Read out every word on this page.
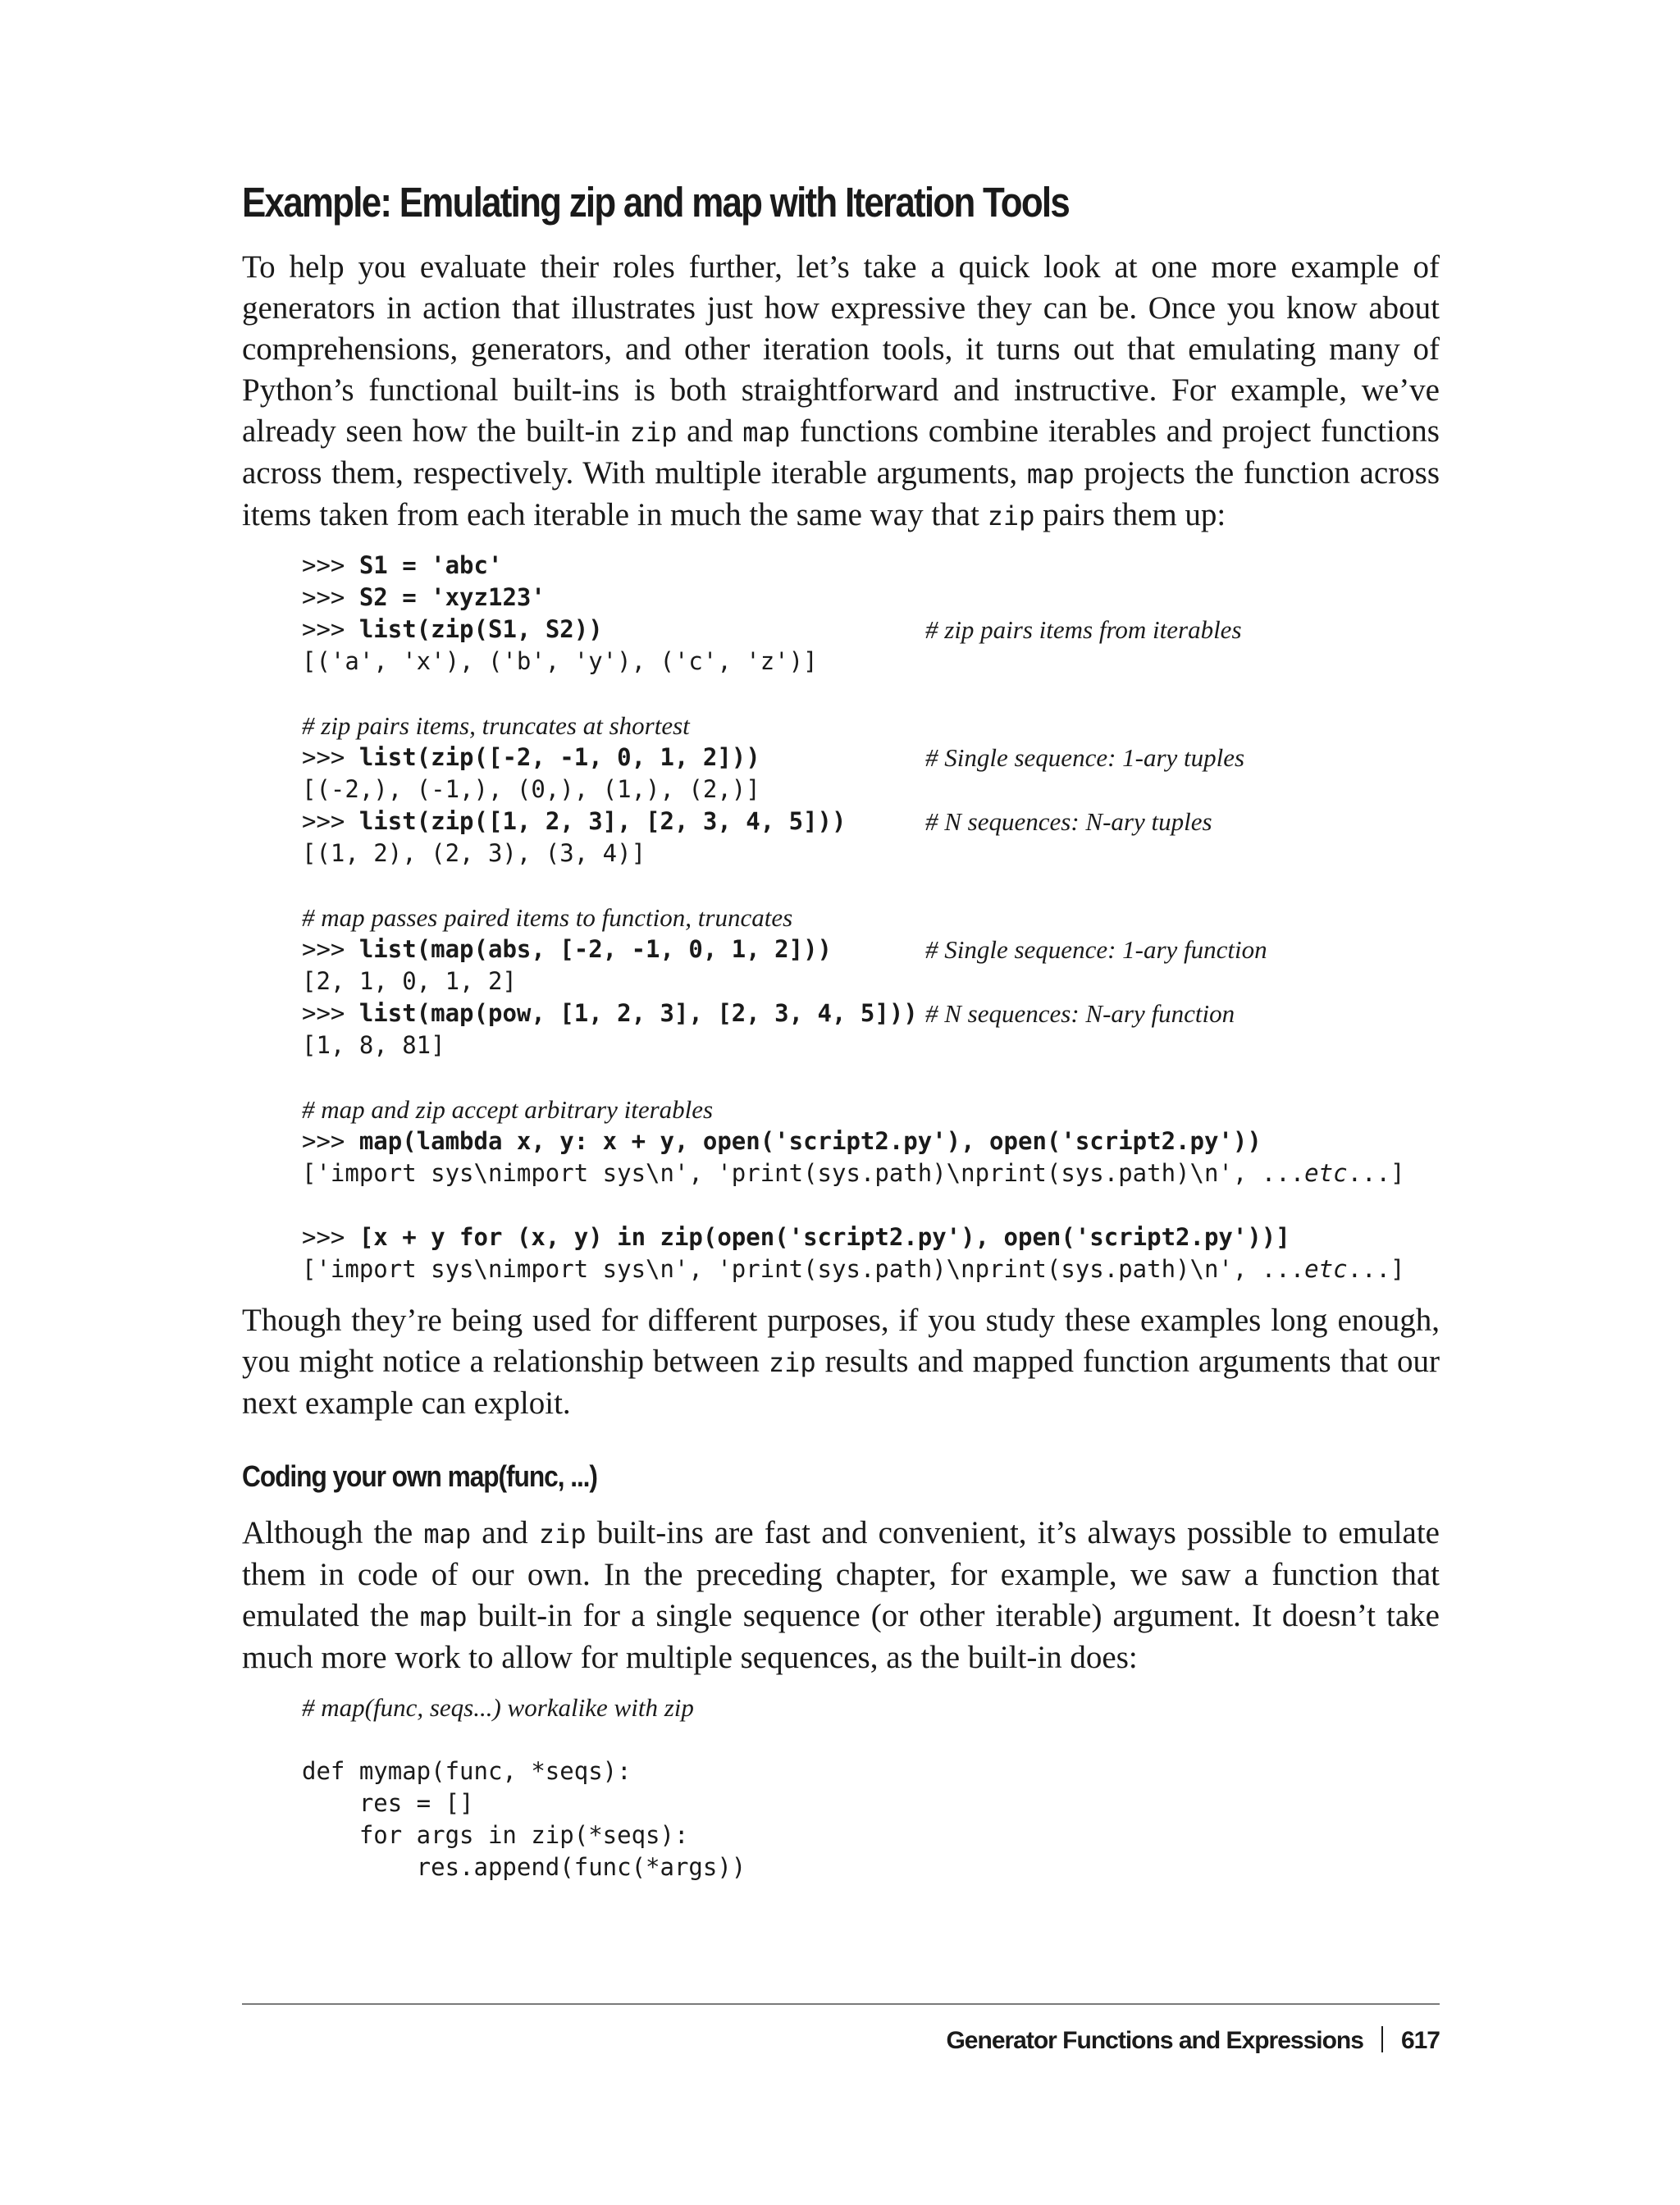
Example: Emulating zip and map with Iteration Tools

To help you evaluate their roles further, let’s take a quick look at one more example of generators in action that illustrates just how expressive they can be. Once you know about comprehensions, generators, and other iteration tools, it turns out that emulating many of Python’s functional built-ins is both straightforward and instructive. For example, we’ve already seen how the built-in zip and map functions combine iterables and project functions across them, respectively. With multiple iterable arguments, map projects the function across items taken from each iterable in much the same way that zip pairs them up:

>>> S1 = 'abc'
>>> S2 = 'xyz123'
>>> list(zip(S1, S2))	# zip pairs items from iterables
[('a', 'x'), ('b', 'y'), ('c', 'z')]
# zip pairs items, truncates at shortest
>>> list(zip([-2, -1, 0, 1, 2]))	# Single sequence: 1-ary tuples
[(-2,), (-1,), (0,), (1,), (2,)]
>>> list(zip([1, 2, 3], [2, 3, 4, 5]))	# N sequences: N-ary tuples
[(1, 2), (2, 3), (3, 4)]
# map passes paired items to function, truncates
>>> list(map(abs, [-2, -1, 0, 1, 2]))	# Single sequence: 1-ary function
[2, 1, 0, 1, 2]
>>> list(map(pow, [1, 2, 3], [2, 3, 4, 5])) # N sequences: N-ary function
[1, 8, 81]
# map and zip accept arbitrary iterables
>>> map(lambda x, y: x + y, open('script2.py'), open('script2.py'))
['import sys\nimport sys\n', 'print(sys.path)\nprint(sys.path)\n', ...etc...]
>>> [x + y for (x, y) in zip(open('script2.py'), open('script2.py'))]
['import sys\nimport sys\n', 'print(sys.path)\nprint(sys.path)\n', ...etc...]

Though they’re being used for different purposes, if you study these examples long enough, you might notice a relationship between zip results and mapped function arguments that our next example can exploit.

Coding your own map(func, ...)

Although the map and zip built-ins are fast and convenient, it’s always possible to emulate them in code of our own. In the preceding chapter, for example, we saw a function that emulated the map built-in for a single sequence (or other iterable) argument. It doesn’t take much more work to allow for multiple sequences, as the built-in does:

# map(func, seqs...) workalike with zip
def mymap(func, *seqs):
res = []
for args in zip(*seqs):
res.append(func(*args))
Generator Functions and Expressions 617
